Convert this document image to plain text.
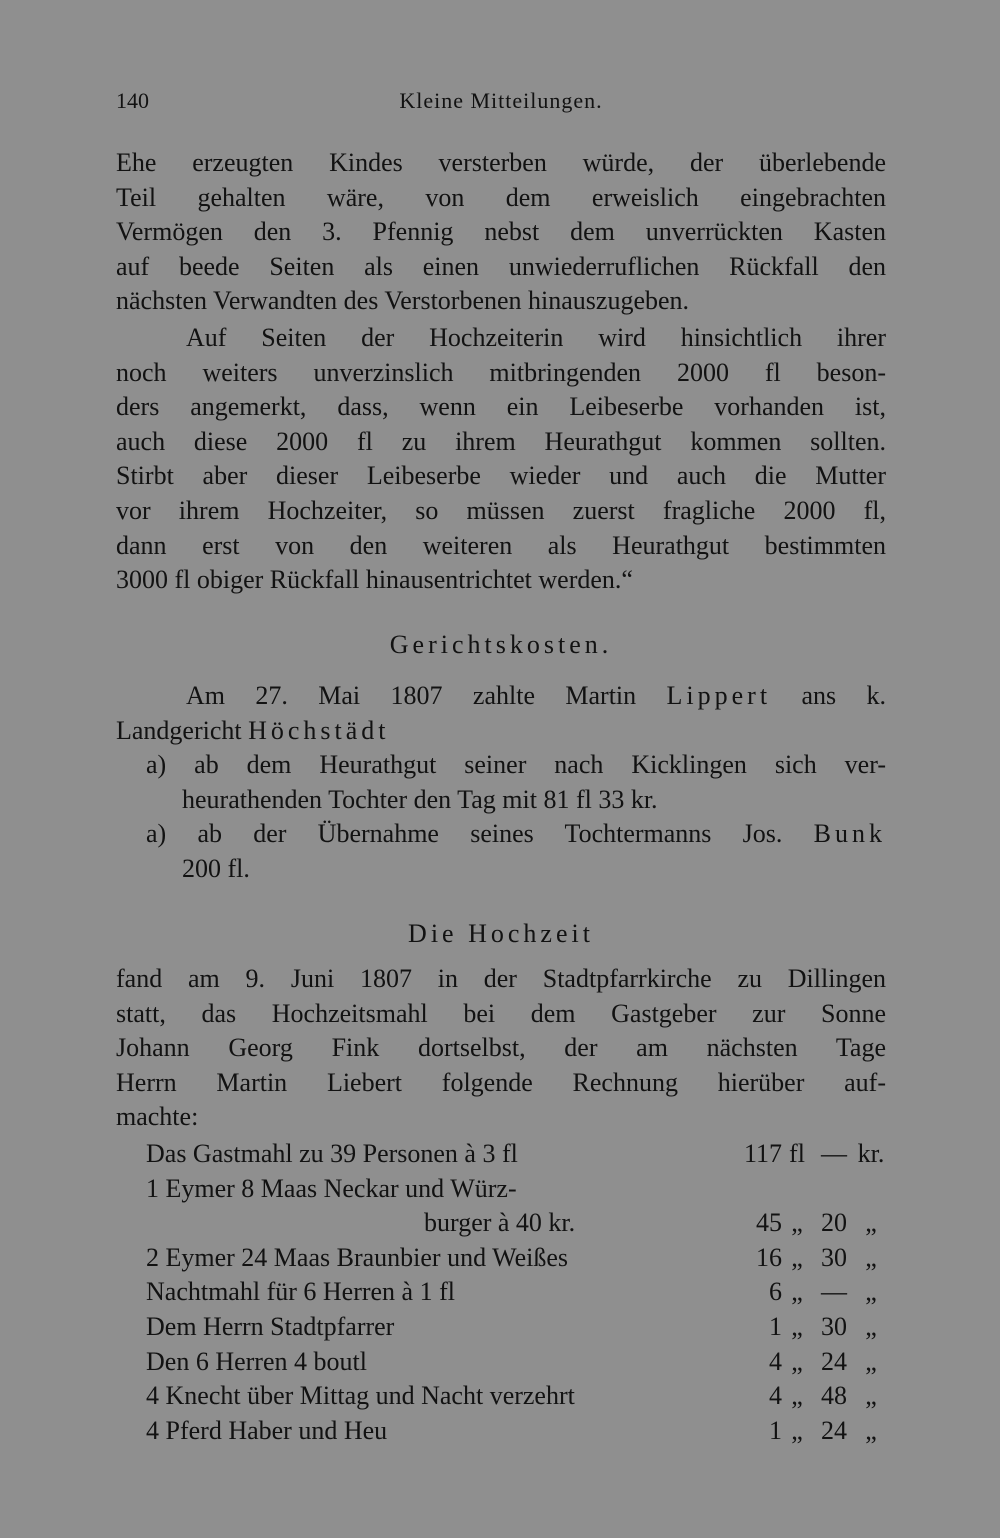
140	Kleine Mitteilungen.
Ehe erzeugten Kindes versterben würde, der überlebende
Teil gehalten wäre, von dem erweislich eingebrachten
Vermögen den 3. Pfennig nebst dem unverrückten Kasten
auf beede Seiten als einen unwiederruflichen Rückfall den
nächsten Verwandten des Verstorbenen hinauszugeben.
Auf Seiten der Hochzeiterin wird hinsichtlich ihrer
noch weiters unverzinslich mitbringenden 2000 fl beson-
ders angemerkt, dass, wenn ein Leibeserbe vorhanden ist,
auch diese 2000 fl zu ihrem Heurathgut kommen sollten.
Stirbt aber dieser Leibeserbe wieder und auch die Mutter
vor ihrem Hochzeiter, so müssen zuerst fragliche 2000 fl,
dann erst von den weiteren als Heurathgut bestimmten
3000 fl obiger Rückfall hinausentrichtet werden.“
Gerichtskosten.
Am 27. Mai 1807 zahlte Martin Lippert ans k.
Landgericht Höchstädt
a) ab dem Heurathgut seiner nach Kicklingen sich ver-
heurathenden Tochter den Tag mit 81 fl 33 kr.
a) ab der Übernahme seines Tochtermanns Jos. Bunk
200 fl.
Die Hochzeit
fand am 9. Juni 1807 in der Stadtpfarrkirche zu Dillingen
statt, das Hochzeitsmahl bei dem Gastgeber zur Sonne
Johann Georg Fink dortselbst, der am nächsten Tage
Herrn Martin Liebert folgende Rechnung hierüber auf-
machte:
Das Gastmahl zu 39 Personen à 3 fl	117 fl — kr.
1 Eymer 8 Maas Neckar und Würz-
burger à 40 kr.	45 „ 20 „
2 Eymer 24 Maas Braunbier und Weißes	16 „ 30 „
Nachtmahl für 6 Herren à 1 fl	6 „ — „
Dem Herrn Stadtpfarrer	1 „ 30 „
Den 6 Herren 4 boutl	4 „ 24 „
4 Knecht über Mittag und Nacht verzehrt	4 „ 48 „
4 Pferd Haber und Heu	1 „ 24 „
